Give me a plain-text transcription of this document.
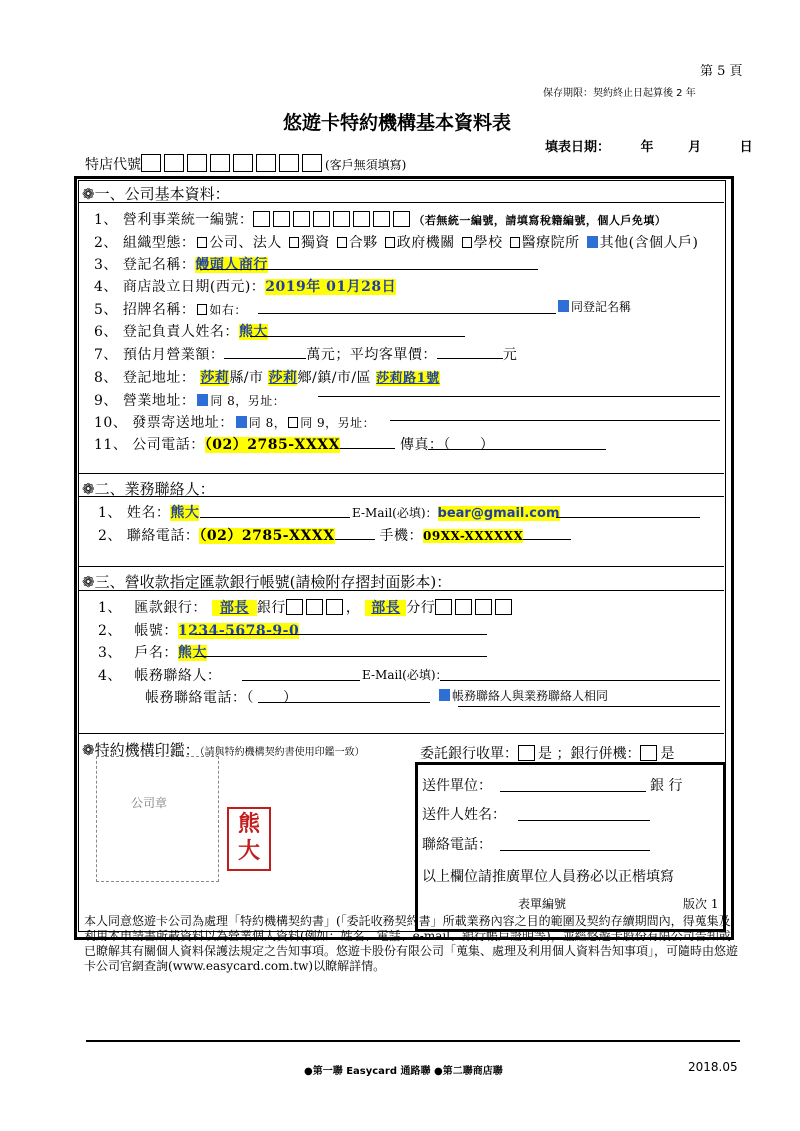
第 5 頁
保存期限：契約終止日起算後 2 年
悠遊卡特約機構基本資料表
填表日期： 年	月	日
特店代號	(客戶無須填寫)
❁一、公司基本資料：
1、 營利事業統一編號：	（若無統一編號，請填寫稅籍編號，個人戶免填）
2、 組織型態： 公司、法人 獨資 合夥 政府機關 學校 醫療院所 其他(含個人戶)
3、 登記名稱：饅頭人商行
4、 商店設立日期(西元)：2019年 01月28日
5、 招牌名稱： 如右：	同登記名稱
6、 登記負責人姓名：熊大
7、 預估月營業額：	萬元；平均客單價：	元
8、 登記地址： 莎莉縣/市 莎莉鄉/鎮/市/區 莎莉路1號
9、 營業地址： 同 8，另址：
10、 發票寄送地址： 同 8， 同 9，另址：
11、 公司電話：（02）2785-XXXX	傳真：（　　）
❁二、業務聯絡人：
1、 姓名：熊大	E-Mail(必填)：bear@gmail.com
2、 聯絡電話：（02）2785-XXXX	手機：09XX-XXXXXX
❁三、營收款指定匯款銀行帳號(請檢附存摺封面影本)：
1、　 匯款銀行： 部長 銀行	， 部長 分行
2、　 帳號：1234-5678-9-0
3、　 戶名：熊大
4、　 帳務聯絡人：	E-Mail(必填)：
帳務聯絡電話：（　　）	帳務聯絡人與業務聯絡人相同
❁特約機構印鑑：（請與特約機構契約書使用印鑑一致）
公司章
熊大
委託銀行收單： 是 ；銀行併機： 是
送件單位：	銀 行
送件人姓名：
聯絡電話：
以上欄位請推廣單位人員務必以正楷填寫
表單編號	版次 1
本人同意悠遊卡公司為處理「特約機構契約書」(「委託收務契約書」所載業務內容之目的範圍及契約存續期間內，得蒐集及利用本申請書所載資料以為營業個人資料(例如：姓名、電話、e-mail、銀行帳戶證明等)，並經悠遊卡股份有限公司告知或已瞭解其有關個人資料保護法規定之告知事項。悠遊卡股份有限公司「蒐集、處理及利用個人資料告知事項」，可隨時由悠遊卡公司官網查詢(www.easycard.com.tw)以瞭解詳情。
●第一聯 Easycard 通路聯 ●第二聯商店聯	2018.05
